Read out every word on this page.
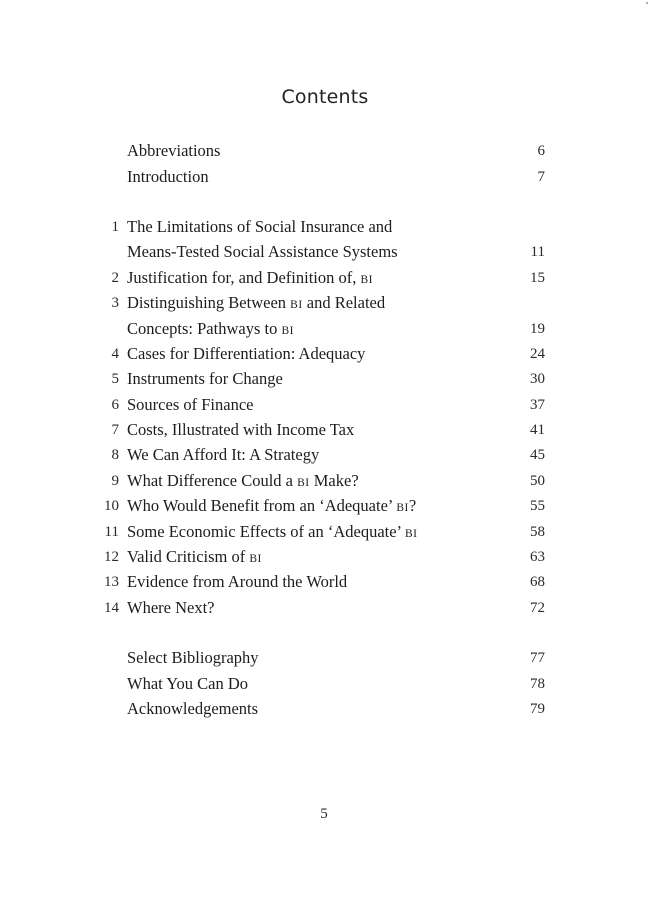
Contents
Abbreviations	6
Introduction	7
1 The Limitations of Social Insurance and
Means-Tested Social Assistance Systems	11
2 Justification for, and Definition of, BI	15
3 Distinguishing Between BI and Related
Concepts: Pathways to BI	19
4 Cases for Differentiation: Adequacy	24
5 Instruments for Change	30
6 Sources of Finance	37
7 Costs, Illustrated with Income Tax	41
8 We Can Afford It: A Strategy	45
9 What Difference Could a BI Make?	50
10 Who Would Benefit from an ‘Adequate’ BI?	55
11 Some Economic Effects of an ‘Adequate’ BI	58
12 Valid Criticism of BI	63
13 Evidence from Around the World	68
14 Where Next?	72
Select Bibliography	77
What You Can Do	78
Acknowledgements	79
5
